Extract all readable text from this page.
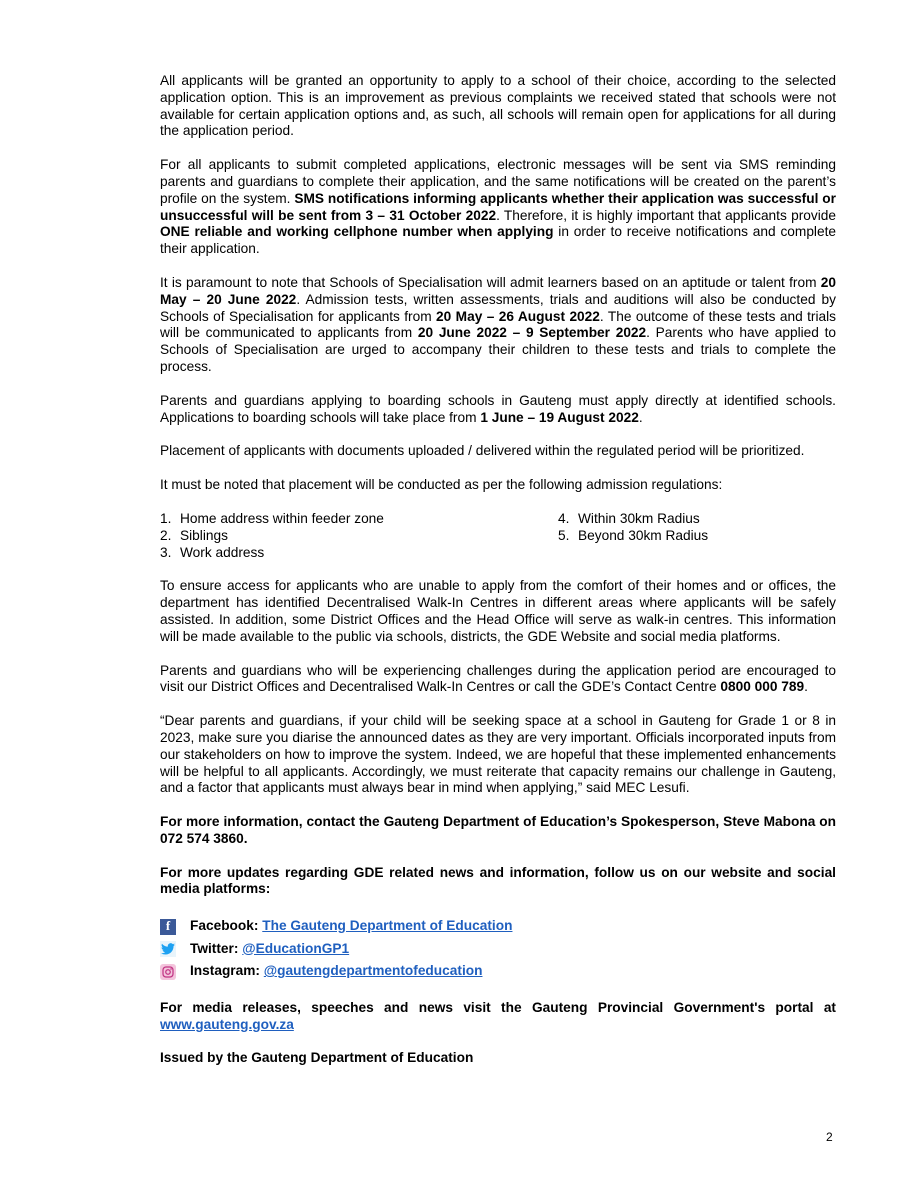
All applicants will be granted an opportunity to apply to a school of their choice, according to the selected application option. This is an improvement as previous complaints we received stated that schools were not available for certain application options and, as such, all schools will remain open for applications for all during the application period.

For all applicants to submit completed applications, electronic messages will be sent via SMS reminding parents and guardians to complete their application, and the same notifications will be created on the parent’s profile on the system. SMS notifications informing applicants whether their application was successful or unsuccessful will be sent from 3 – 31 October 2022. Therefore, it is highly important that applicants provide ONE reliable and working cellphone number when applying in order to receive notifications and complete their application.

It is paramount to note that Schools of Specialisation will admit learners based on an aptitude or talent from 20 May – 20 June 2022. Admission tests, written assessments, trials and auditions will also be conducted by Schools of Specialisation for applicants from 20 May – 26 August 2022. The outcome of these tests and trials will be communicated to applicants from 20 June 2022 – 9 September 2022. Parents who have applied to Schools of Specialisation are urged to accompany their children to these tests and trials to complete the process.

Parents and guardians applying to boarding schools in Gauteng must apply directly at identified schools. Applications to boarding schools will take place from 1 June – 19 August 2022.

Placement of applicants with documents uploaded / delivered within the regulated period will be prioritized.

It must be noted that placement will be conducted as per the following admission regulations:

1. Home address within feeder zone
2. Siblings
3. Work address
4. Within 30km Radius
5. Beyond 30km Radius

To ensure access for applicants who are unable to apply from the comfort of their homes and or offices, the department has identified Decentralised Walk-In Centres in different areas where applicants will be safely assisted. In addition, some District Offices and the Head Office will serve as walk-in centres. This information will be made available to the public via schools, districts, the GDE Website and social media platforms.

Parents and guardians who will be experiencing challenges during the application period are encouraged to visit our District Offices and Decentralised Walk-In Centres or call the GDE’s Contact Centre 0800 000 789.

“Dear parents and guardians, if your child will be seeking space at a school in Gauteng for Grade 1 or 8 in 2023, make sure you diarise the announced dates as they are very important. Officials incorporated inputs from our stakeholders on how to improve the system. Indeed, we are hopeful that these implemented enhancements will be helpful to all applicants. Accordingly, we must reiterate that capacity remains our challenge in Gauteng, and a factor that applicants must always bear in mind when applying,” said MEC Lesufi.

For more information, contact the Gauteng Department of Education’s Spokesperson, Steve Mabona on 072 574 3860.

For more updates regarding GDE related news and information, follow us on our website and social media platforms:

f	Facebook:
The Gauteng Department of Education
Twitter:
@EducationGP1
Instagram:
@gautengdepartmentofeducation

For media releases, speeches and news visit the Gauteng Provincial Government's portal at www.gauteng.gov.za

Issued by the Gauteng Department of Education

2
